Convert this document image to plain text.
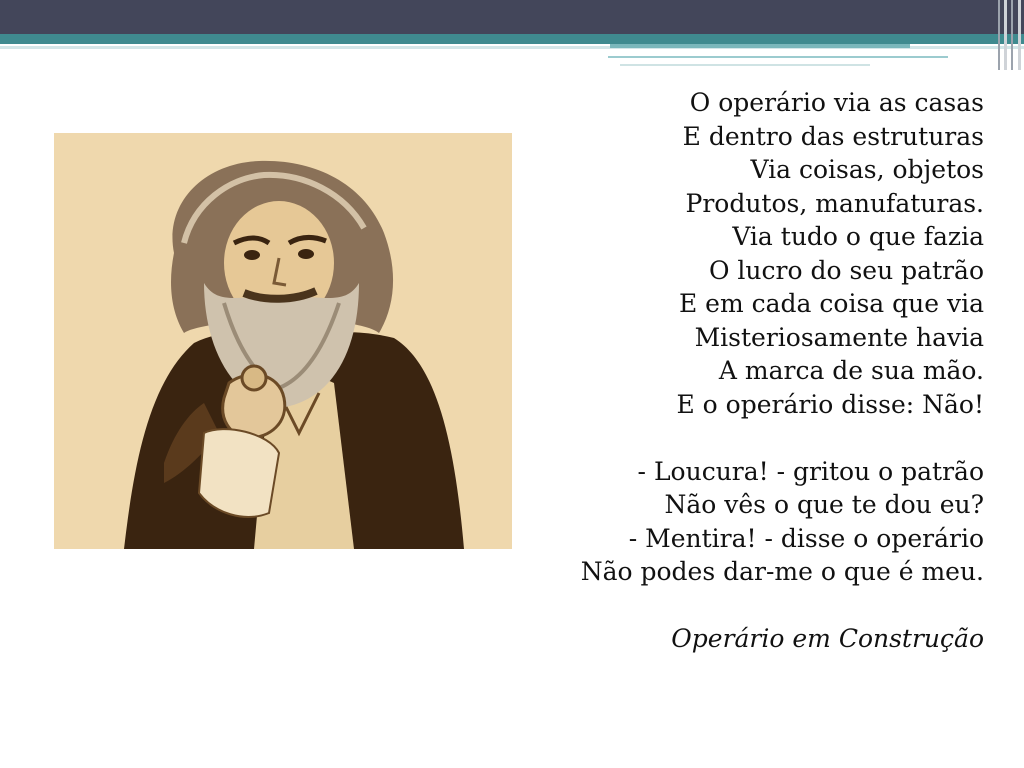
O operário via as casas
E dentro das estruturas
Via coisas, objetos
Produtos, manufaturas.
Via tudo o que fazia
O lucro do seu patrão
E em cada coisa que via
Misteriosamente havia
A marca de sua mão.
E o operário disse: Não!
- Loucura! - gritou o patrão
Não vês o que te dou eu?
- Mentira! - disse o operário
Não podes dar-me o que é meu.
Operário em Construção
